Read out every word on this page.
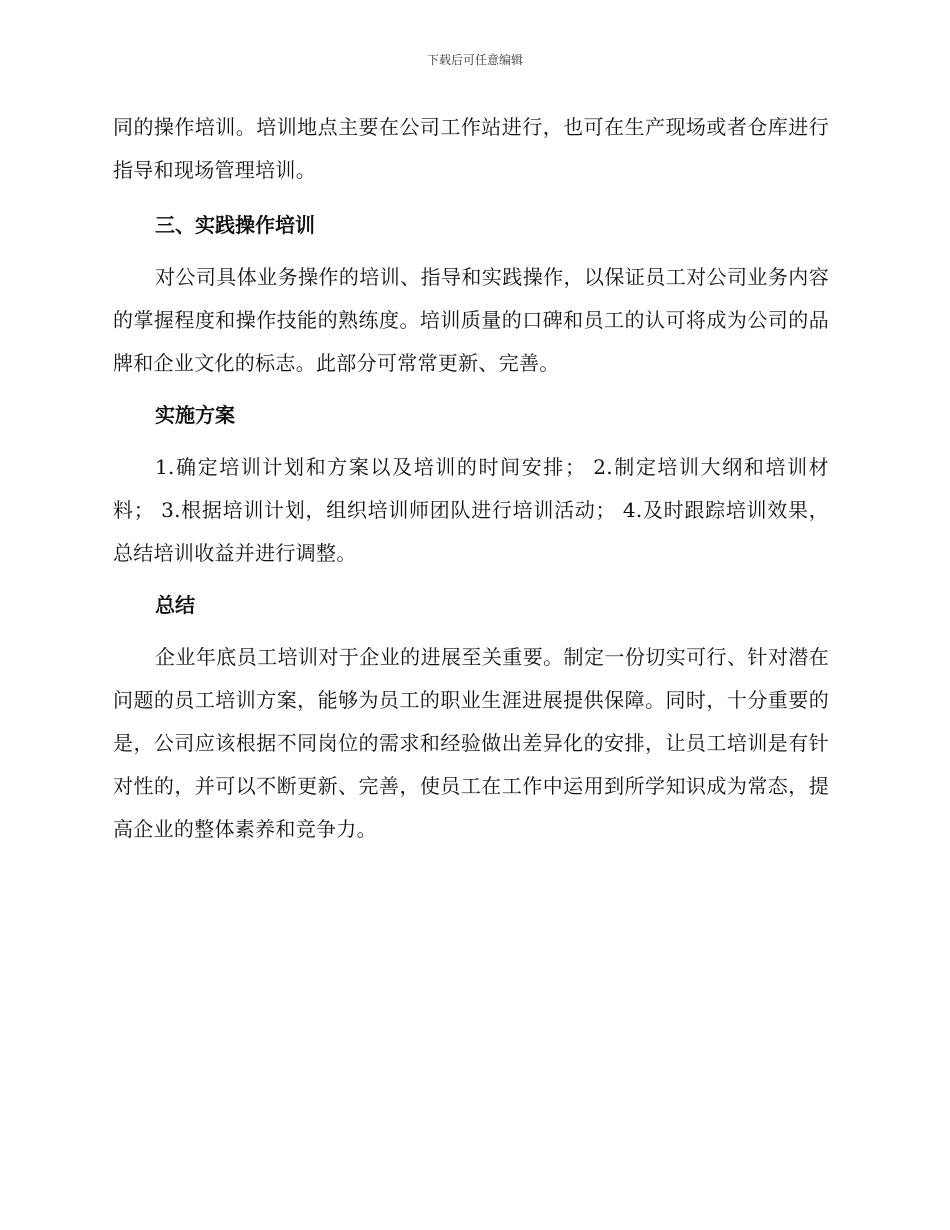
下载后可任意编辑

同的操作培训。培训地点主要在公司工作站进行，也可在生产现场或者仓库进行指导和现场管理培训。

三、实践操作培训

对公司具体业务操作的培训、指导和实践操作，以保证员工对公司业务内容的掌握程度和操作技能的熟练度。培训质量的口碑和员工的认可将成为公司的品牌和企业文化的标志。此部分可常常更新、完善。

实施方案

1.确定培训计划和方案以及培训的时间安排； 2.制定培训大纲和培训材料； 3.根据培训计划，组织培训师团队进行培训活动； 4.及时跟踪培训效果，总结培训收益并进行调整。

总结

企业年底员工培训对于企业的进展至关重要。制定一份切实可行、针对潜在问题的员工培训方案，能够为员工的职业生涯进展提供保障。同时，十分重要的是，公司应该根据不同岗位的需求和经验做出差异化的安排，让员工培训是有针对性的，并可以不断更新、完善，使员工在工作中运用到所学知识成为常态，提高企业的整体素养和竞争力。
